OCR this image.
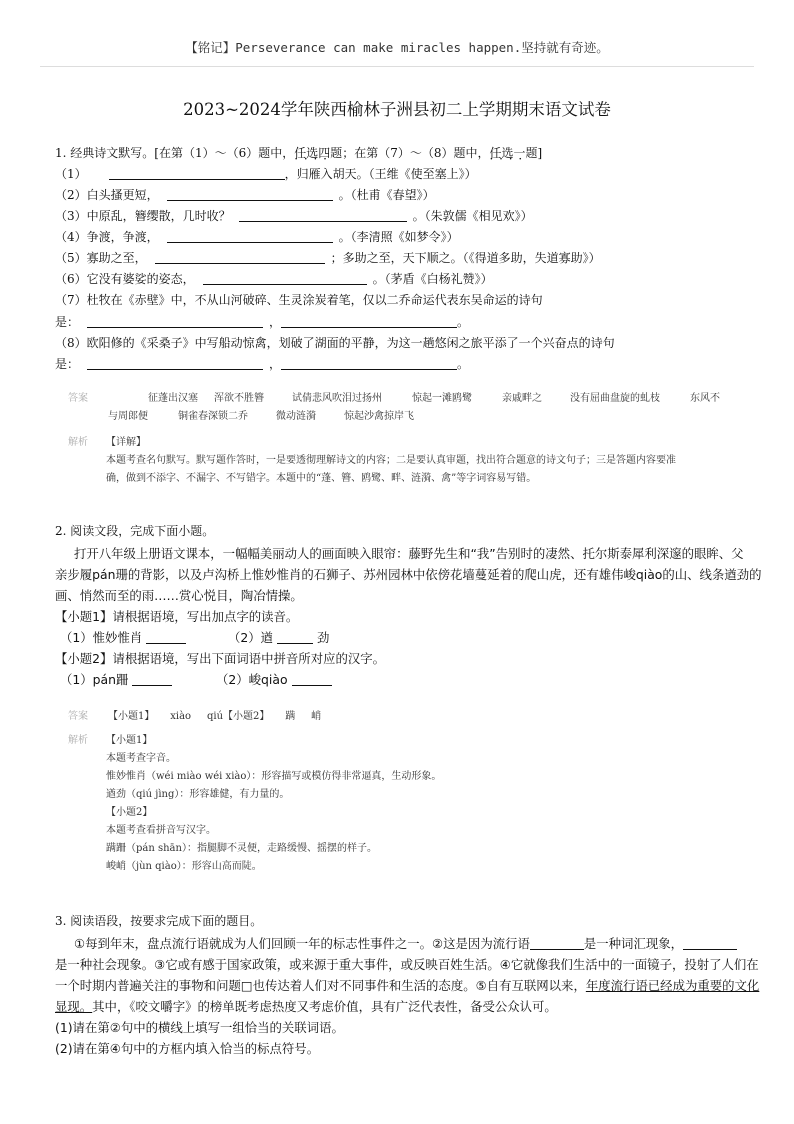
【铭记】Perseverance can make miracles happen.坚持就有奇迹。
2023~2024学年陕西榆林子洲县初二上学期期末语文试卷
1. 经典诗文默写。[在第（1）～（6）题中，任选四题 · · · ·；在第（7）～（8）题中，任选一题 · · · ·]
（1）	，归雁入胡天。（王维《使至塞上》）
（2）白头搔更短，	。（杜甫《春望》）
（3）中原乱，簪缨散，几时收？	。（朱敦儒《相见欢》）
（4）争渡，争渡，	。（李清照《如梦令》）
（5）寡助之至，	；多助之至，天下顺之。（《得道多助，失道寡助》）
（6）它没有婆娑的姿态，	。（茅盾《白杨礼赞》）
（7）杜牧在《赤壁》中，不从山河破碎、生灵涂炭着笔，仅以二乔命运代表东吴命运的诗句
是：	，	。
（8）欧阳修的《采桑子》中写船动惊禽，划破了湖面的平静，为这一趟悠闲之旅平添了一个兴奋点的诗句
是：	，	。
答案	征蓬出汉塞 浑欲不胜簪	试倩悲风吹泪过扬州	惊起一滩鸥鹭	亲戚畔之	没有屈曲盘旋的虬枝	东风不
与周郎便	铜雀春深锁二乔	微动涟漪	惊起沙禽掠岸飞
解析 【详解】
本题考查名句默写。默写题作答时，一是要透彻理解诗文的内容；二是要认真审题，找出符合题意的诗文句子；三是答题内容要准
确，做到不添字、不漏字、不写错字。本题中的“蓬、簪、鸥鹭、畔、涟漪、禽”等字词容易写错。
2. 阅读文段，完成下面小题。
打开八年级上册语文课本，一幅幅美丽动人的画面映入眼帘：藤野先生和“我”告别时的凄然、托尔斯泰犀利深邃的眼眸、父
亲步履pán珊的背影，以及卢沟桥上惟妙惟肖的石狮子、苏州园林中依傍花墙蔓延着的爬山虎，还有雄伟峻qiào的山、线条遒劲的
画、悄然而至的雨……赏心悦目，陶冶情操。
【小题1】请根据语境，写出加点字的读音。
（1）惟妙惟肖	（2）遒	劲
【小题2】请根据语境，写出下面词语中拼音所对应的汉字。
（1）pán跚	（2）峻qiào
答案 【小题1】     xiào     qiú【小题2】     蹒     峭
解析 【小题1】
本题考查字音。
惟妙惟肖（wéi miào wéi xiào）：形容描写或模仿得非常逼真，生动形象。
遒劲（qiú jìng）：形容雄健，有力量的。
【小题2】
本题考查看拼音写汉字。
蹒跚（pán shān）：指腿脚不灵便，走路缓慢、摇摆的样子。
峻峭（jùn qiào）：形容山高而陡。
3. 阅读语段，按要求完成下面的题目。
①每到年末，盘点流行语就成为人们回顾一年的标志性事件之一。②这是因为流行语	是一种词汇现象，
是一种社会现象。③它或有感于国家政策，或来源于重大事件，或反映百姓生活。④它就像我们生活中的一面镜子，投射了人们在
一个时期内普遍关注的事物和问题□也传达着人们对不同事件和生活的态度。⑤自有互联网以来，年度流行语已经成为重要的文化
显现。其中，《咬文嚼字》的榜单既考虑热度又考虑价值，具有广泛代表性，备受公众认可。
(1)请在第②句中的横线上填写一组恰当的关联词语。
(2)请在第④句中的方框内填入恰当的标点符号。
